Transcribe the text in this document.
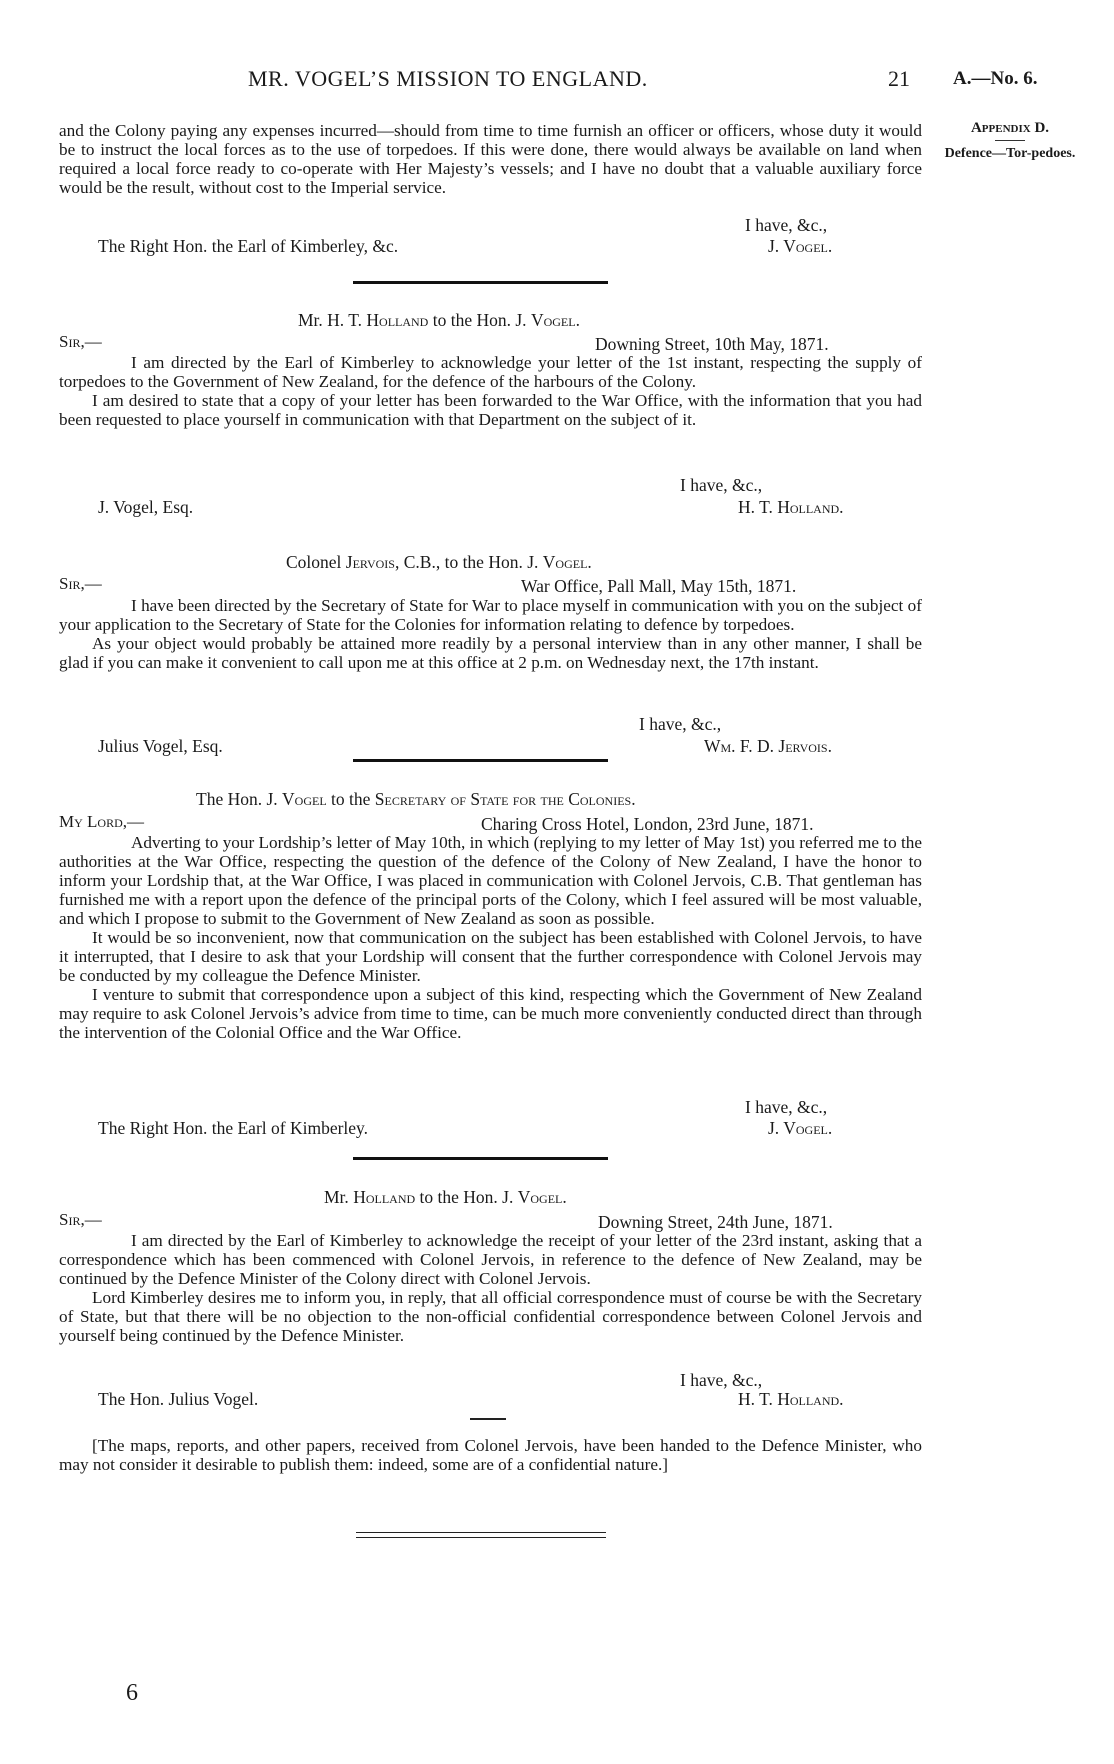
MR. VOGEL’S MISSION TO ENGLAND.	21 A.—No. 6.
Appendix D.
Defence—Tor-pedoes.

and the Colony paying any expenses incurred—should from time to time furnish an officer or officers, whose duty it would be to instruct the local forces as to the use of torpedoes. If this were done, there would always be available on land when required a local force ready to co-operate with Her Majesty’s vessels; and I have no doubt that a valuable auxiliary force would be the result, without cost to the Imperial service.

I have, &c.,
The Right Hon. the Earl of Kimberley, &c.	J. Vogel.
Mr. H. T. Holland to the Hon. J. Vogel.
Sir,—	Downing Street, 10th May, 1871.

I am directed by the Earl of Kimberley to acknowledge your letter of the 1st instant, respecting the supply of torpedoes to the Government of New Zealand, for the defence of the harbours of the Colony.

I am desired to state that a copy of your letter has been forwarded to the War Office, with the information that you had been requested to place yourself in communication with that Department on the subject of it.

I have, &c.,
J. Vogel, Esq.	H. T. Holland.
Colonel Jervois, C.B., to the Hon. J. Vogel.
Sir,—	War Office, Pall Mall, May 15th, 1871.

I have been directed by the Secretary of State for War to place myself in communication with you on the subject of your application to the Secretary of State for the Colonies for information relating to defence by torpedoes.

As your object would probably be attained more readily by a personal interview than in any other manner, I shall be glad if you can make it convenient to call upon me at this office at 2 p.m. on Wednesday next, the 17th instant.

I have, &c.,
Julius Vogel, Esq.	Wm. F. D. Jervois.
The Hon. J. Vogel to the Secretary of State for the Colonies.
My Lord,—	Charing Cross Hotel, London, 23rd June, 1871.

Adverting to your Lordship’s letter of May 10th, in which (replying to my letter of May 1st) you referred me to the authorities at the War Office, respecting the question of the defence of the Colony of New Zealand, I have the honor to inform your Lordship that, at the War Office, I was placed in communication with Colonel Jervois, C.B. That gentleman has furnished me with a report upon the defence of the principal ports of the Colony, which I feel assured will be most valuable, and which I propose to submit to the Government of New Zealand as soon as possible.

It would be so inconvenient, now that communication on the subject has been established with Colonel Jervois, to have it interrupted, that I desire to ask that your Lordship will consent that the further correspondence with Colonel Jervois may be conducted by my colleague the Defence Minister.

I venture to submit that correspondence upon a subject of this kind, respecting which the Government of New Zealand may require to ask Colonel Jervois’s advice from time to time, can be much more conveniently conducted direct than through the intervention of the Colonial Office and the War Office.

I have, &c.,
The Right Hon. the Earl of Kimberley.	J. Vogel.
Mr. Holland to the Hon. J. Vogel.
Sir,—	Downing Street, 24th June, 1871.

I am directed by the Earl of Kimberley to acknowledge the receipt of your letter of the 23rd instant, asking that a correspondence which has been commenced with Colonel Jervois, in reference to the defence of New Zealand, may be continued by the Defence Minister of the Colony direct with Colonel Jervois.

Lord Kimberley desires me to inform you, in reply, that all official correspondence must of course be with the Secretary of State, but that there will be no objection to the non-official confidential correspondence between Colonel Jervois and yourself being continued by the Defence Minister.

I have, &c.,
The Hon. Julius Vogel.	H. T. Holland.

[The maps, reports, and other papers, received from Colonel Jervois, have been handed to the Defence Minister, who may not consider it desirable to publish them: indeed, some are of a confidential nature.]

6
